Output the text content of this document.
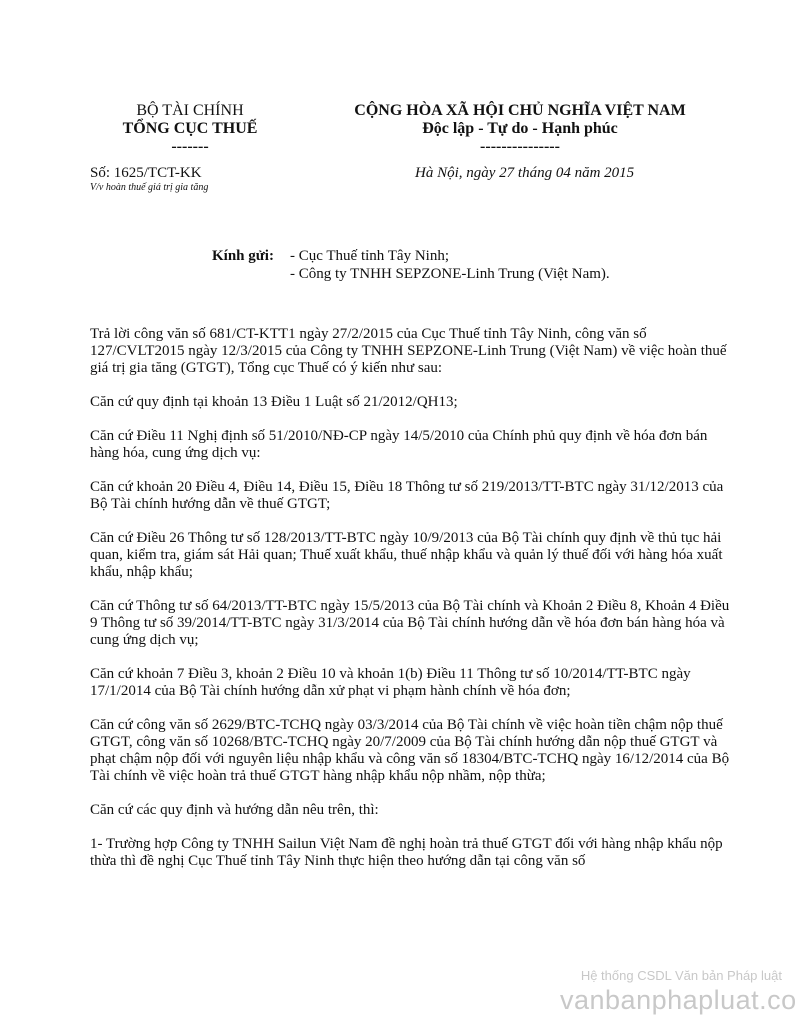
BỘ TÀI CHÍNH
TỔNG CỤC THUẾ
-------
CỘNG HÒA XÃ HỘI CHỦ NGHĨA VIỆT NAM
Độc lập - Tự do - Hạnh phúc
---------------
Số: 1625/TCT-KK
V/v hoàn thuế giá trị gia tăng
Hà Nội, ngày 27 tháng 04 năm 2015
Kính gửi: - Cục Thuế tỉnh Tây Ninh;
- Công ty TNHH SEPZONE-Linh Trung (Việt Nam).

Trả lời công văn số 681/CT-KTT1 ngày 27/2/2015 của Cục Thuế tỉnh Tây Ninh, công văn số 127/CVLT2015 ngày 12/3/2015 của Công ty TNHH SEPZONE-Linh Trung (Việt Nam) về việc hoàn thuế giá trị gia tăng (GTGT), Tổng cục Thuế có ý kiến như sau:

Căn cứ quy định tại khoản 13 Điều 1 Luật số 21/2012/QH13;

Căn cứ Điều 11 Nghị định số 51/2010/NĐ-CP ngày 14/5/2010 của Chính phủ quy định về hóa đơn bán hàng hóa, cung ứng dịch vụ:

Căn cứ khoản 20 Điều 4, Điều 14, Điều 15, Điều 18 Thông tư số 219/2013/TT-BTC ngày 31/12/2013 của Bộ Tài chính hướng dẫn về thuế GTGT;

Căn cứ Điều 26 Thông tư số 128/2013/TT-BTC ngày 10/9/2013 của Bộ Tài chính quy định về thủ tục hải quan, kiểm tra, giám sát Hải quan; Thuế xuất khẩu, thuế nhập khẩu và quản lý thuế đối với hàng hóa xuất khẩu, nhập khẩu;

Căn cứ Thông tư số 64/2013/TT-BTC ngày 15/5/2013 của Bộ Tài chính và Khoản 2 Điều 8, Khoản 4 Điều 9 Thông tư số 39/2014/TT-BTC ngày 31/3/2014 của Bộ Tài chính hướng dẫn về hóa đơn bán hàng hóa và cung ứng dịch vụ;

Căn cứ khoản 7 Điều 3, khoản 2 Điều 10 và khoản 1(b) Điều 11 Thông tư số 10/2014/TT-BTC ngày 17/1/2014 của Bộ Tài chính hướng dẫn xử phạt vi phạm hành chính về hóa đơn;

Căn cứ công văn số 2629/BTC-TCHQ ngày 03/3/2014 của Bộ Tài chính về việc hoàn tiền chậm nộp thuế GTGT, công văn số 10268/BTC-TCHQ ngày 20/7/2009 của Bộ Tài chính hướng dẫn nộp thuế GTGT và phạt chậm nộp đối với nguyên liệu nhập khẩu và công văn số 18304/BTC-TCHQ ngày 16/12/2014 của Bộ Tài chính về việc hoàn trả thuế GTGT hàng nhập khẩu nộp nhầm, nộp thừa;

Căn cứ các quy định và hướng dẫn nêu trên, thì:

1- Trường hợp Công ty TNHH Sailun Việt Nam đề nghị hoàn trả thuế GTGT đối với hàng nhập khẩu nộp thừa thì đề nghị Cục Thuế tỉnh Tây Ninh thực hiện theo hướng dẫn tại công văn số

Hệ thống CSDL Văn bản Pháp luật
vanbanphapluat.co
